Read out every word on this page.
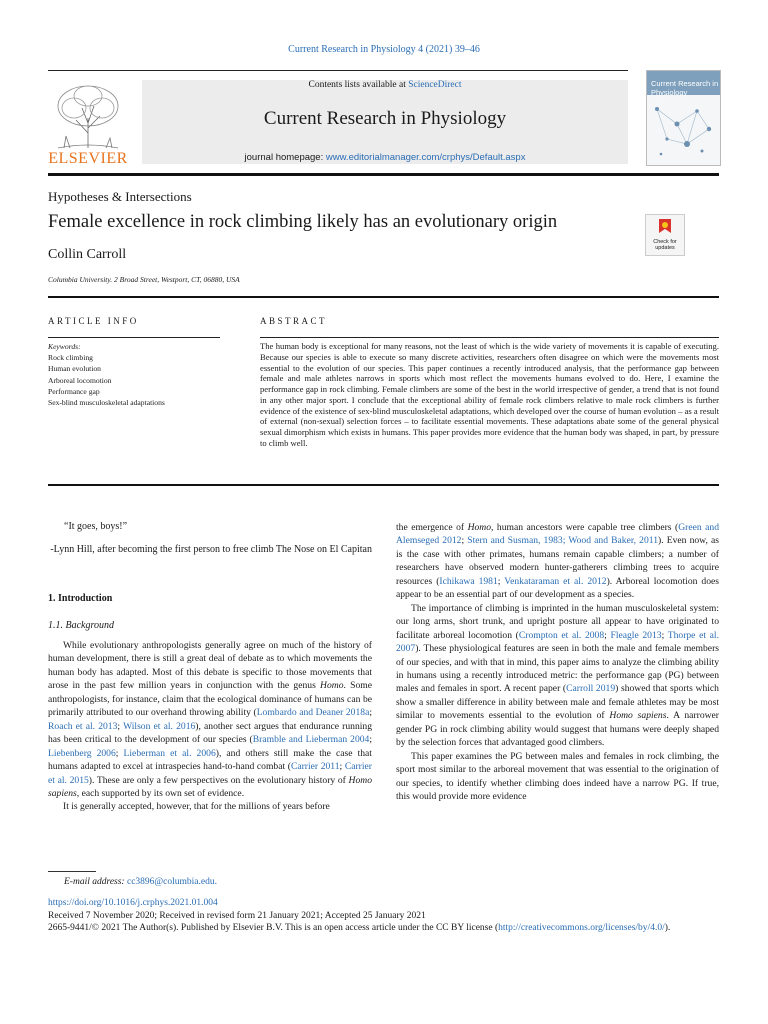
Current Research in Physiology 4 (2021) 39–46
ELSEVIER
Contents lists available at ScienceDirect
Current Research in Physiology
journal homepage: www.editorialmanager.com/crphys/Default.aspx
Current Research in Physiology
Hypotheses & Intersections
Female excellence in rock climbing likely has an evolutionary origin
Collin Carroll
Columbia University. 2 Broad Street, Westport, CT, 06880, USA
Check for updates
ARTICLE INFO	ABSTRACT
Keywords:
Rock climbing
Human evolution
Arboreal locomotion
Performance gap
Sex-blind musculoskeletal adaptations
The human body is exceptional for many reasons, not the least of which is the wide variety of movements it is capable of executing. Because our species is able to execute so many discrete activities, researchers often disagree on which were the movements most essential to the evolution of our species. This paper continues a recently introduced analysis, that the performance gap between female and male athletes narrows in sports which most reflect the movements humans evolved to do. Here, I examine the performance gap in rock climbing. Female climbers are some of the best in the world irrespective of gender, a trend that is not found in any other major sport. I conclude that the exceptional ability of female rock climbers relative to male rock climbers is further evidence of the existence of sex-blind musculoskeletal adaptations, which developed over the course of human evolution – as a result of external (non-sexual) selection forces – to facilitate essential movements. These adaptations abate some of the general physical sexual dimorphism which exists in humans. This paper provides more evidence that the human body was shaped, in part, by pressure to climb well.
“It goes, boys!”
-Lynn Hill, after becoming the first person to free climb The Nose on El Capitan
1. Introduction
1.1. Background

While evolutionary anthropologists generally agree on much of the history of human development, there is still a great deal of debate as to which movements the human body has adapted. Most of this debate is specific to those movements that arose in the past few million years in conjunction with the genus Homo. Some anthropologists, for instance, claim that the ecological dominance of humans can be primarily attributed to our overhand throwing ability (Lombardo and Deaner 2018a; Roach et al. 2013; Wilson et al. 2016), another sect argues that endurance running has been critical to the development of our species (Bramble and Lieberman 2004; Liebenberg 2006; Lieberman et al. 2006), and others still make the case that humans adapted to excel at intraspecies hand-to-hand combat (Carrier 2011; Carrier et al. 2015). These are only a few perspectives on the evolutionary history of Homo sapiens, each supported by its own set of evidence.

It is generally accepted, however, that for the millions of years before

the emergence of Homo, human ancestors were capable tree climbers (Green and Alemseged 2012; Stern and Susman, 1983; Wood and Baker, 2011). Even now, as is the case with other primates, humans remain capable climbers; a number of researchers have observed modern hunter-gatherers climbing trees to acquire resources (Ichikawa 1981; Venkataraman et al. 2012). Arboreal locomotion does appear to be an essential part of our development as a species.

The importance of climbing is imprinted in the human musculoskeletal system: our long arms, short trunk, and upright posture all appear to have originated to facilitate arboreal locomotion (Crompton et al. 2008; Fleagle 2013; Thorpe et al. 2007). These physiological features are seen in both the male and female members of our species, and with that in mind, this paper aims to analyze the climbing ability in humans using a recently introduced metric: the performance gap (PG) between males and females in sport. A recent paper (Carroll 2019) showed that sports which show a smaller difference in ability between male and female athletes may be most similar to movements essential to the evolution of Homo sapiens. A narrower gender PG in rock climbing ability would suggest that humans were deeply shaped by the selection forces that advantaged good climbers.

This paper examines the PG between males and females in rock climbing, the sport most similar to the arboreal movement that was essential to the origination of our species, to identify whether climbing does indeed have a narrow PG. If true, this would provide more evidence

E-mail address: cc3896@columbia.edu.
https://doi.org/10.1016/j.crphys.2021.01.004
Received 7 November 2020; Received in revised form 21 January 2021; Accepted 25 January 2021
2665-9441/© 2021 The Author(s). Published by Elsevier B.V. This is an open access article under the CC BY license (http://creativecommons.org/licenses/by/4.0/).
